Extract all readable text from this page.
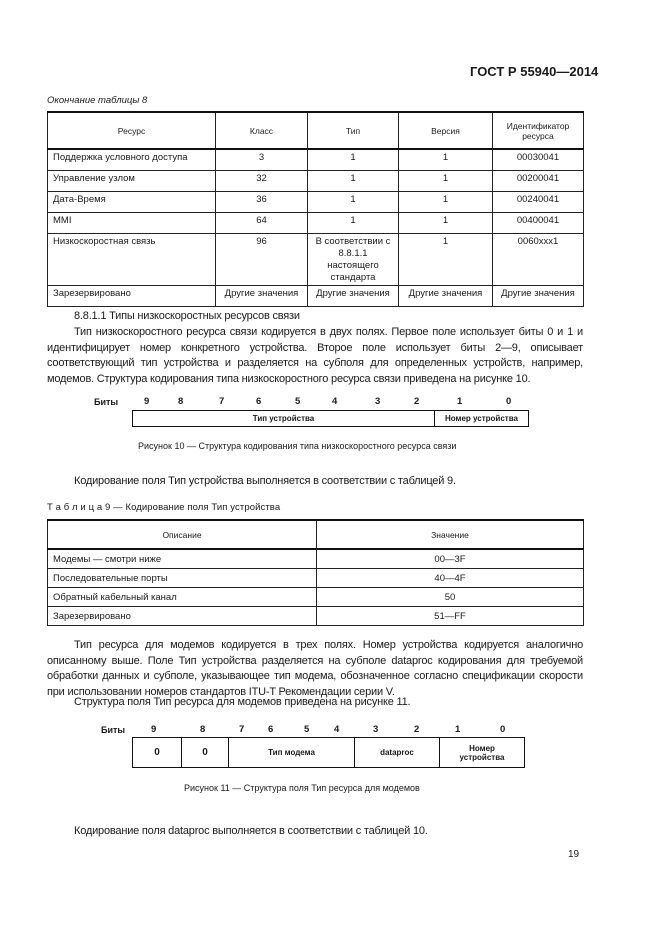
ГОСТ Р 55940—2014
Окончание таблицы 8
Ресурс	Класс	Тип	Версия	Идентификатор ресурса
Поддержка условного доступа	3	1	1	00030041
Управление узлом	32	1	1	00200041
Дата-Время	36	1	1	00240041
MMI	64	1	1	00400041
Низкоскоростная связь	96	В соответствии с 8.8.1.1 настоящего стандарта	1	0060xxx1
Зарезервировано	Другие значения	Другие значения	Другие значения	Другие значения
8.8.1.1 Типы низкоскоростных ресурсов связи
Тип низкоскоростного ресурса связи кодируется в двух полях. Первое поле использует биты 0 и 1 и идентифицирует номер конкретного устройства. Второе поле использует биты 2—9, описывает соответствующий тип устройства и разделяется на субполя для определенных устройств, например, модемов. Структура кодирования типа низкоскоростного ресурса связи приведена на рисунке 10.
Биты	9	8	7	6	5	4	3	2	1	0
Тип устройства	Номер устройства
Рисунок 10 — Структура кодирования типа низкоскоростного ресурса связи
Кодирование поля Тип устройства выполняется в соответствии с таблицей 9.
Т а б л и ц а 9 — Кодирование поля Тип устройства
Описание	Значение
Модемы — смотри ниже	00—3F
Последовательные порты	40—4F
Обратный кабельный канал	50
Зарезервировано	51—FF
Тип ресурса для модемов кодируется в трех полях. Номер устройства кодируется аналогично описанному выше. Поле Тип устройства разделяется на субполе dataproc кодирования для требуемой обработки данных и субполе, указывающее тип модема, обозначенное согласно спецификации скорости при использовании номеров стандартов ITU-T Рекомендации серии V.
Структура поля Тип ресурса для модемов приведена на рисунке 11.
Биты	9	8	7 6	5	4	3	2	1	0
0	0	Тип модема	dataproc	Номер устройства
Рисунок 11 — Структура поля Тип ресурса для модемов
Кодирование поля dataproc выполняется в соответствии с таблицей 10.
19
